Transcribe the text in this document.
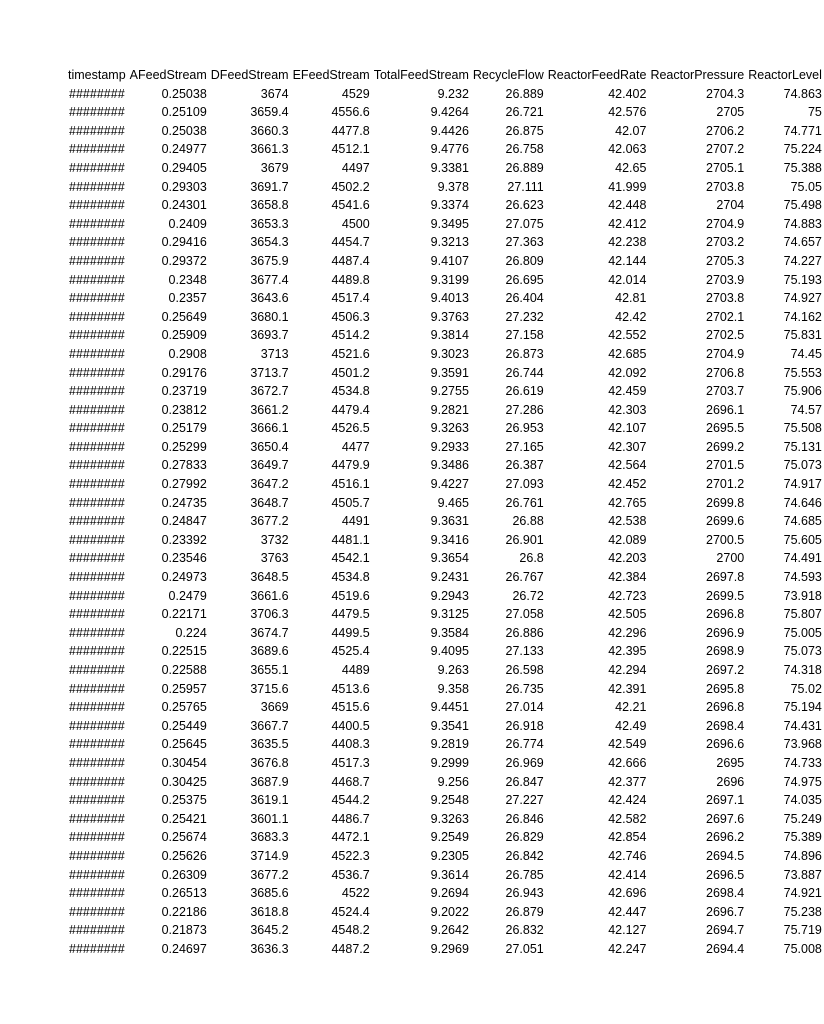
timestamp	AFeedStream	DFeedStream	EFeedStream	TotalFeedStream	RecycleFlow	ReactorFeedRate	ReactorPressure	ReactorLevel
########	0.25038	3674	4529	9.232	26.889	42.402	2704.3	74.863
########	0.25109	3659.4	4556.6	9.4264	26.721	42.576	2705	75
########	0.25038	3660.3	4477.8	9.4426	26.875	42.07	2706.2	74.771
########	0.24977	3661.3	4512.1	9.4776	26.758	42.063	2707.2	75.224
########	0.29405	3679	4497	9.3381	26.889	42.65	2705.1	75.388
########	0.29303	3691.7	4502.2	9.378	27.111	41.999	2703.8	75.05
########	0.24301	3658.8	4541.6	9.3374	26.623	42.448	2704	75.498
########	0.2409	3653.3	4500	9.3495	27.075	42.412	2704.9	74.883
########	0.29416	3654.3	4454.7	9.3213	27.363	42.238	2703.2	74.657
########	0.29372	3675.9	4487.4	9.4107	26.809	42.144	2705.3	74.227
########	0.2348	3677.4	4489.8	9.3199	26.695	42.014	2703.9	75.193
########	0.2357	3643.6	4517.4	9.4013	26.404	42.81	2703.8	74.927
########	0.25649	3680.1	4506.3	9.3763	27.232	42.42	2702.1	74.162
########	0.25909	3693.7	4514.2	9.3814	27.158	42.552	2702.5	75.831
########	0.2908	3713	4521.6	9.3023	26.873	42.685	2704.9	74.45
########	0.29176	3713.7	4501.2	9.3591	26.744	42.092	2706.8	75.553
########	0.23719	3672.7	4534.8	9.2755	26.619	42.459	2703.7	75.906
########	0.23812	3661.2	4479.4	9.2821	27.286	42.303	2696.1	74.57
########	0.25179	3666.1	4526.5	9.3263	26.953	42.107	2695.5	75.508
########	0.25299	3650.4	4477	9.2933	27.165	42.307	2699.2	75.131
########	0.27833	3649.7	4479.9	9.3486	26.387	42.564	2701.5	75.073
########	0.27992	3647.2	4516.1	9.4227	27.093	42.452	2701.2	74.917
########	0.24735	3648.7	4505.7	9.465	26.761	42.765	2699.8	74.646
########	0.24847	3677.2	4491	9.3631	26.88	42.538	2699.6	74.685
########	0.23392	3732	4481.1	9.3416	26.901	42.089	2700.5	75.605
########	0.23546	3763	4542.1	9.3654	26.8	42.203	2700	74.491
########	0.24973	3648.5	4534.8	9.2431	26.767	42.384	2697.8	74.593
########	0.2479	3661.6	4519.6	9.2943	26.72	42.723	2699.5	73.918
########	0.22171	3706.3	4479.5	9.3125	27.058	42.505	2696.8	75.807
########	0.224	3674.7	4499.5	9.3584	26.886	42.296	2696.9	75.005
########	0.22515	3689.6	4525.4	9.4095	27.133	42.395	2698.9	75.073
########	0.22588	3655.1	4489	9.263	26.598	42.294	2697.2	74.318
########	0.25957	3715.6	4513.6	9.358	26.735	42.391	2695.8	75.02
########	0.25765	3669	4515.6	9.4451	27.014	42.21	2696.8	75.194
########	0.25449	3667.7	4400.5	9.3541	26.918	42.49	2698.4	74.431
########	0.25645	3635.5	4408.3	9.2819	26.774	42.549	2696.6	73.968
########	0.30454	3676.8	4517.3	9.2999	26.969	42.666	2695	74.733
########	0.30425	3687.9	4468.7	9.256	26.847	42.377	2696	74.975
########	0.25375	3619.1	4544.2	9.2548	27.227	42.424	2697.1	74.035
########	0.25421	3601.1	4486.7	9.3263	26.846	42.582	2697.6	75.249
########	0.25674	3683.3	4472.1	9.2549	26.829	42.854	2696.2	75.389
########	0.25626	3714.9	4522.3	9.2305	26.842	42.746	2694.5	74.896
########	0.26309	3677.2	4536.7	9.3614	26.785	42.414	2696.5	73.887
########	0.26513	3685.6	4522	9.2694	26.943	42.696	2698.4	74.921
########	0.22186	3618.8	4524.4	9.2022	26.879	42.447	2696.7	75.238
########	0.21873	3645.2	4548.2	9.2642	26.832	42.127	2694.7	75.719
########	0.24697	3636.3	4487.2	9.2969	27.051	42.247	2694.4	75.008
